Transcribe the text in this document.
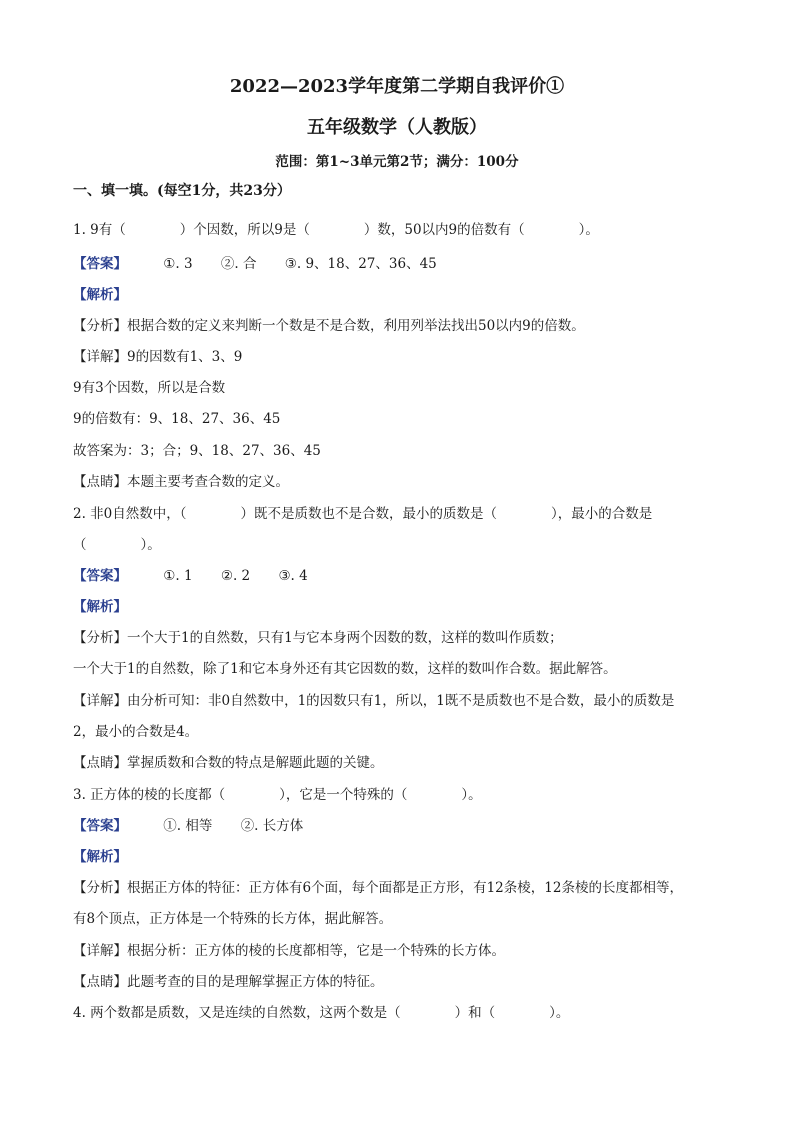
2022—2023学年度第二学期自我评价①
五年级数学（人教版）
范围：第1~3单元第2节；满分：100分
一、填一填。(每空1分，共23分）
1. 9有（　　　　）个因数，所以9是（　　　　）数，50以内9的倍数有（　　　　）。
【答案】	①. 3 ②. 合 ③. 9、18、27、36、45
【解析】
【分析】根据合数的定义来判断一个数是不是合数，利用列举法找出50以内9的倍数。
【详解】9的因数有1、3、9
9有3个因数，所以是合数
9的倍数有：9、18、27、36、45
故答案为：3；合；9、18、27、36、45
【点睛】本题主要考查合数的定义。
2. 非0自然数中，（　　　　）既不是质数也不是合数，最小的质数是（　　　　），最小的合数是
（　　　　）。
【答案】	①. 1 ②. 2 ③. 4
【解析】
【分析】一个大于1的自然数，只有1与它本身两个因数的数，这样的数叫作质数；
一个大于1的自然数，除了1和它本身外还有其它因数的数，这样的数叫作合数。据此解答。
【详解】由分析可知：非0自然数中，1的因数只有1，所以，1既不是质数也不是合数，最小的质数是
2，最小的合数是4。
【点睛】掌握质数和合数的特点是解题此题的关键。
3. 正方体的棱的长度都（　　　　），它是一个特殊的（　　　　）。
【答案】	①. 相等 ②. 长方体
【解析】
【分析】根据正方体的特征：正方体有6个面，每个面都是正方形，有12条棱，12条棱的长度都相等，
有8个顶点，正方体是一个特殊的长方体，据此解答。
【详解】根据分析：正方体的棱的长度都相等，它是一个特殊的长方体。
【点睛】此题考查的目的是理解掌握正方体的特征。
4. 两个数都是质数，又是连续的自然数，这两个数是（　　　　）和（　　　　）。
